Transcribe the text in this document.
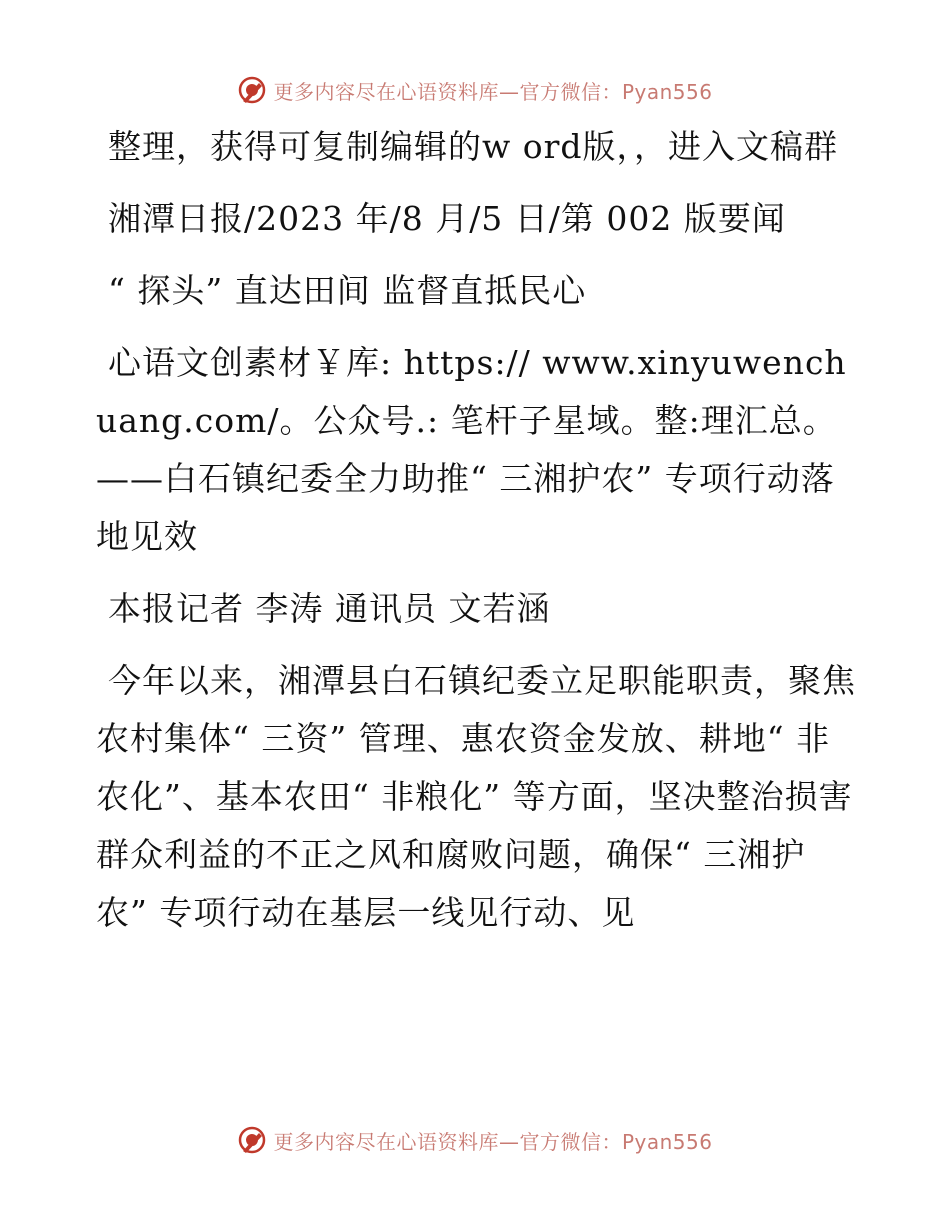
更多内容尽在心语资料库—官方微信：Pyan556

整理，获得可复制编辑的w ord版，，进入文稿群

湘潭日报/2023 年/8 月/5 日/第 002 版要闻

“ 探头” 直达田间 监督直抵民心

心语文创素材￥库: https:// www.xinyuwenchuang.com/。公众号.: 笔杆子星域。整:理汇总。——白石镇纪委全力助推“ 三湘护农” 专项行动落地见效

本报记者 李涛 通讯员 文若涵

今年以来，湘潭县白石镇纪委立足职能职责，聚焦农村集体“ 三资” 管理、惠农资金发放、耕地“ 非农化”、基本农田“ 非粮化” 等方面，坚决整治损害群众利益的不正之风和腐败问题，确保“ 三湘护农” 专项行动在基层一线见行动、见

更多内容尽在心语资料库—官方微信：Pyan556
